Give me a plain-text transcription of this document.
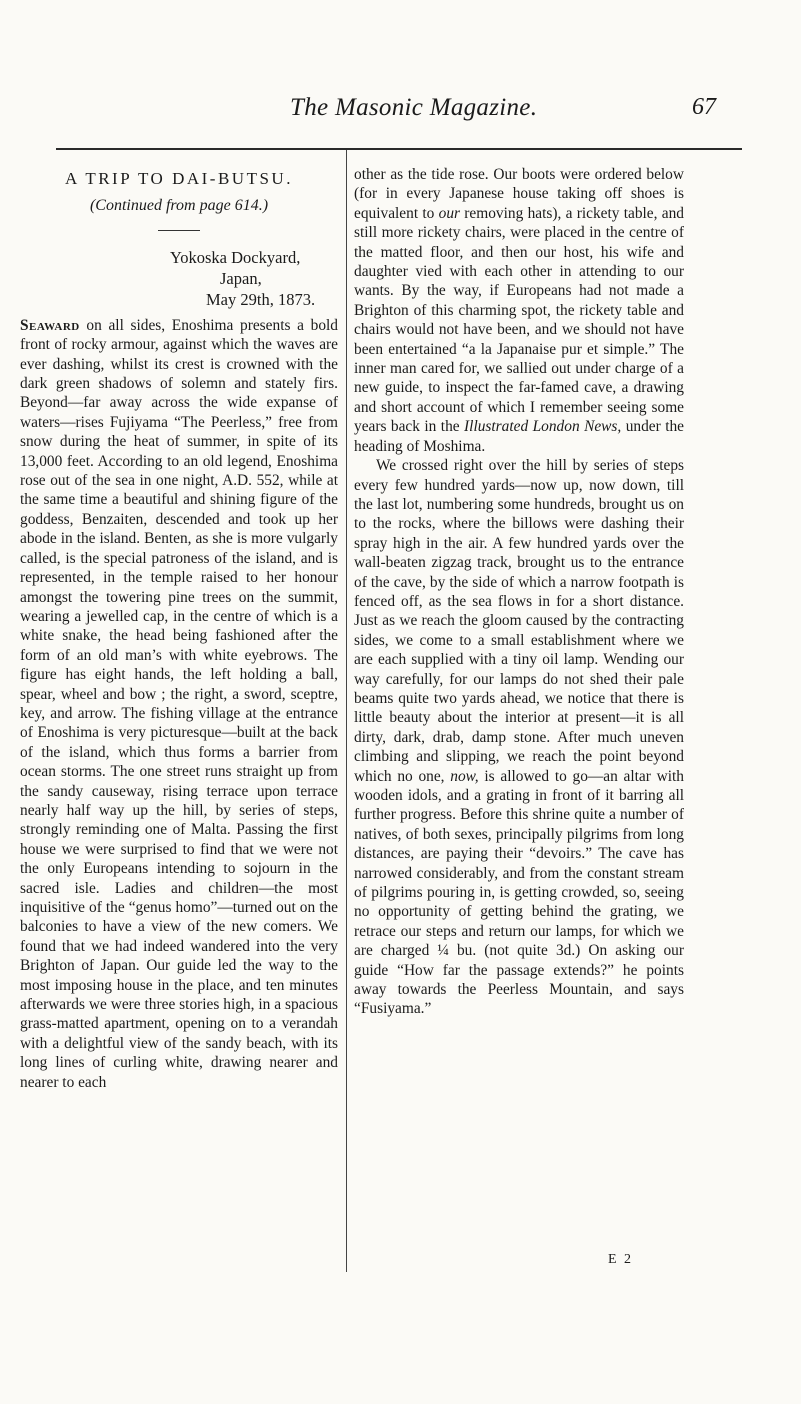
The Masonic Magazine.	67
A TRIP TO DAI-BUTSU.
(Continued from page 614.)
Yokoska Dockyard,
Japan,
May 29th, 1873.

Seaward on all sides, Enoshima presents a bold front of rocky armour, against which the waves are ever dashing, whilst its crest is crowned with the dark green shadows of solemn and stately firs. Beyond—far away across the wide expanse of waters—rises Fujiyama “The Peerless,” free from snow during the heat of summer, in spite of its 13,000 feet. According to an old legend, Enoshima rose out of the sea in one night, A.D. 552, while at the same time a beautiful and shining figure of the goddess, Benzaiten, descended and took up her abode in the island. Benten, as she is more vulgarly called, is the special patroness of the island, and is represented, in the temple raised to her honour amongst the towering pine trees on the summit, wearing a jewelled cap, in the centre of which is a white snake, the head being fashioned after the form of an old man’s with white eyebrows. The figure has eight hands, the left holding a ball, spear, wheel and bow ; the right, a sword, sceptre, key, and arrow. The fishing village at the entrance of Enoshima is very picturesque—built at the back of the island, which thus forms a barrier from ocean storms. The one street runs straight up from the sandy causeway, rising terrace upon terrace nearly half way up the hill, by series of steps, strongly reminding one of Malta. Passing the first house we were surprised to find that we were not the only Europeans intending to sojourn in the sacred isle. Ladies and children—the most inquisitive of the “genus homo”—turned out on the balconies to have a view of the new comers. We found that we had indeed wandered into the very Brighton of Japan. Our guide led the way to the most imposing house in the place, and ten minutes afterwards we were three stories high, in a spacious grass-matted apartment, opening on to a verandah with a delightful view of the sandy beach, with its long lines of curling white, drawing nearer and nearer to each

other as the tide rose. Our boots were ordered below (for in every Japanese house taking off shoes is equivalent to our removing hats), a rickety table, and still more rickety chairs, were placed in the centre of the matted floor, and then our host, his wife and daughter vied with each other in attending to our wants. By the way, if Europeans had not made a Brighton of this charming spot, the rickety table and chairs would not have been, and we should not have been entertained “a la Japanaise pur et simple.” The inner man cared for, we sallied out under charge of a new guide, to inspect the far-famed cave, a drawing and short account of which I remember seeing some years back in the Illustrated London News, under the heading of Moshima.

We crossed right over the hill by series of steps every few hundred yards—now up, now down, till the last lot, numbering some hundreds, brought us on to the rocks, where the billows were dashing their spray high in the air. A few hundred yards over the wall-beaten zigzag track, brought us to the entrance of the cave, by the side of which a narrow footpath is fenced off, as the sea flows in for a short distance. Just as we reach the gloom caused by the contracting sides, we come to a small establishment where we are each supplied with a tiny oil lamp. Wending our way carefully, for our lamps do not shed their pale beams quite two yards ahead, we notice that there is little beauty about the interior at present—it is all dirty, dark, drab, damp stone. After much uneven climbing and slipping, we reach the point beyond which no one, now, is allowed to go—an altar with wooden idols, and a grating in front of it barring all further progress. Before this shrine quite a number of natives, of both sexes, principally pilgrims from long distances, are paying their “devoirs.” The cave has narrowed considerably, and from the constant stream of pilgrims pouring in, is getting crowded, so, seeing no opportunity of getting behind the grating, we retrace our steps and return our lamps, for which we are charged ¼ bu. (not quite 3d.) On asking our guide “How far the passage extends?” he points away towards the Peerless Mountain, and says “Fusiyama.”

E 2
